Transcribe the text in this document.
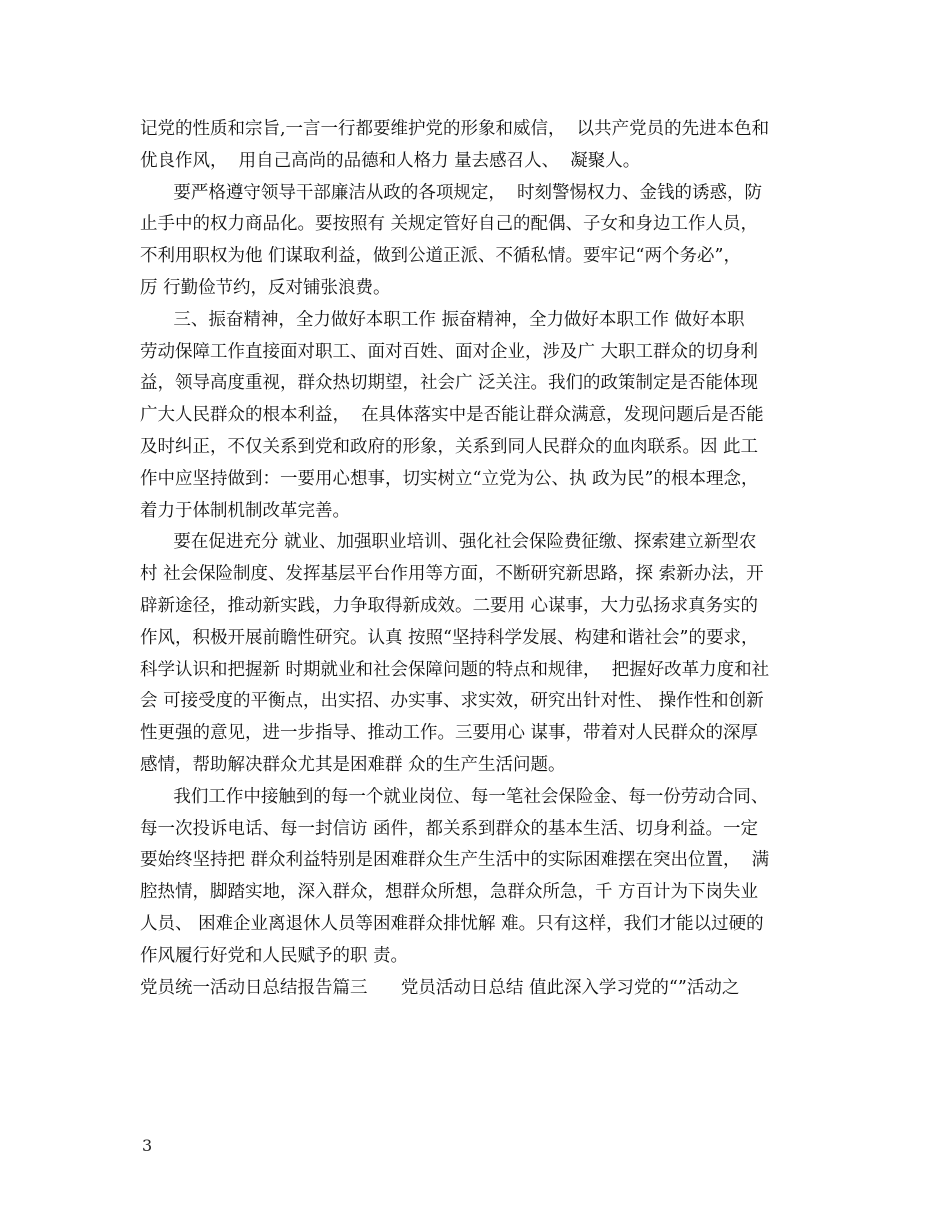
记党的性质和宗旨,一言一行都要维护党的形象和威信，  以共产党员的先进本色和
优良作风，  用自己高尚的品德和人格力 量去感召人、  凝聚人。
要严格遵守领导干部廉洁从政的各项规定，  时刻警惕权力、金钱的诱惑，防
止手中的权力商品化。要按照有 关规定管好自己的配偶、子女和身边工作人员，
不利用职权为他 们谋取利益，做到公道正派、不循私情。要牢记“两个务必”，
厉 行勤俭节约，反对铺张浪费。
三、振奋精神，全力做好本职工作 振奋精神，全力做好本职工作 做好本职
劳动保障工作直接面对职工、面对百姓、面对企业，涉及广 大职工群众的切身利
益，领导高度重视，群众热切期望，社会广 泛关注。我们的政策制定是否能体现
广大人民群众的根本利益，  在具体落实中是否能让群众满意，发现问题后是否能
及时纠正，不仅关系到党和政府的形象，关系到同人民群众的血肉联系。因 此工
作中应坚持做到：一要用心想事，切实树立“立党为公、执 政为民”的根本理念，
着力于体制机制改革完善。
要在促进充分 就业、加强职业培训、强化社会保险费征缴、探索建立新型农
村 社会保险制度、发挥基层平台作用等方面，不断研究新思路，探 索新办法，开
辟新途径，推动新实践，力争取得新成效。二要用 心谋事，大力弘扬求真务实的
作风，积极开展前瞻性研究。认真 按照“坚持科学发展、构建和谐社会”的要求，
科学认识和把握新 时期就业和社会保障问题的特点和规律，  把握好改革力度和社
会 可接受度的平衡点，出实招、办实事、求实效，研究出针对性、 操作性和创新
性更强的意见，进一步指导、推动工作。三要用心 谋事，带着对人民群众的深厚
感情，帮助解决群众尤其是困难群 众的生产生活问题。
我们工作中接触到的每一个就业岗位、每一笔社会保险金、每一份劳动合同、
每一次投诉电话、每一封信访 函件，都关系到群众的基本生活、切身利益。一定
要始终坚持把 群众利益特别是困难群众生产生活中的实际困难摆在突出位置，  满
腔热情，脚踏实地，深入群众，想群众所想，急群众所急，千 方百计为下岗失业
人员、 困难企业离退休人员等困难群众排忧解 难。只有这样，我们才能以过硬的
作风履行好党和人民赋予的职 责。
党员统一活动日总结报告篇三      党员活动日总结 值此深入学习党的“”活动之
3
